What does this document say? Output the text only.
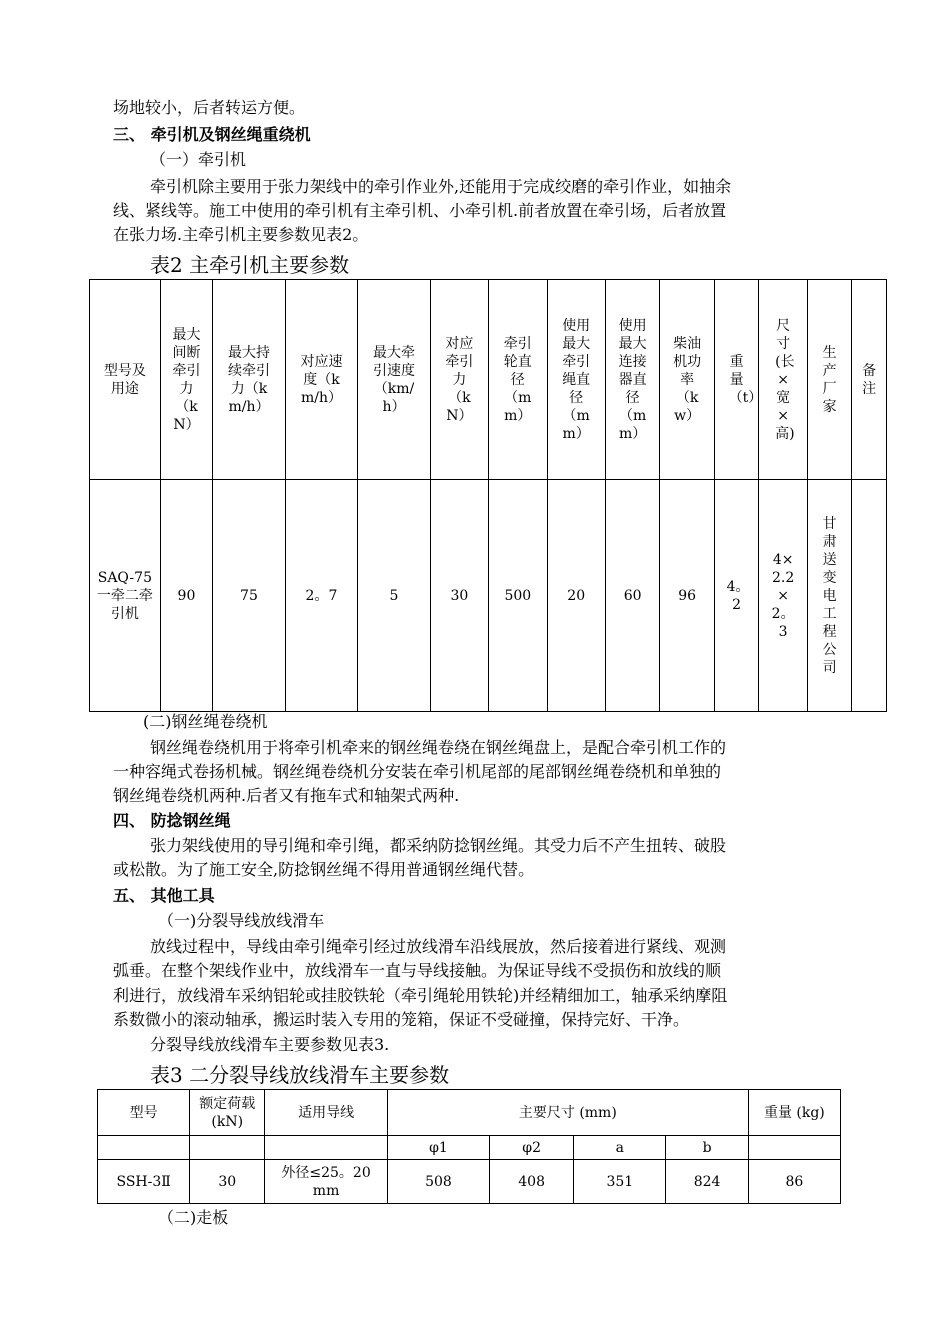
场地较小，后者转运方便。
三、 牵引机及钢丝绳重绕机
（一）牵引机
牵引机除主要用于张力架线中的牵引作业外,还能用于完成绞磨的牵引作业，如抽余
线、紧线等。施工中使用的牵引机有主牵引机、小牵引机.前者放置在牵引场，后者放置
在张力场.主牵引机主要参数见表2。
表2 主牵引机主要参数
型号及用途	最大间断牵引力（kN）	最大持续牵引力（km/h）	对应速度（km/h）	最大牵引速度（km/h）	对应牵引力（kN）	牵引轮直径（mm）	使用最大牵引绳直径（mm）	使用最大连接器直径（mm）	柴油机功率（kw）	重量（t）	尺寸(长×宽×高)	生产厂家	备注

SAQ-75一牵二牵引机	90	75	2。7	5	30	500	20	60	96	4。2	4×2.2×2。3	甘肃送变电工程公司	

(二)钢丝绳卷绕机
钢丝绳卷绕机用于将牵引机牵来的钢丝绳卷绕在钢丝绳盘上，是配合牵引机工作的
一种容绳式卷扬机械。钢丝绳卷绕机分安装在牵引机尾部的尾部钢丝绳卷绕机和单独的
钢丝绳卷绕机两种.后者又有拖车式和轴架式两种.
四、 防捻钢丝绳
张力架线使用的导引绳和牵引绳，都采纳防捻钢丝绳。其受力后不产生扭转、破股
或松散。为了施工安全,防捻钢丝绳不得用普通钢丝绳代替。
五、 其他工具
（一)分裂导线放线滑车
放线过程中，导线由牵引绳牵引经过放线滑车沿线展放，然后接着进行紧线、观测
弧垂。在整个架线作业中，放线滑车一直与导线接触。为保证导线不受损伤和放线的顺
利进行，放线滑车采纳铝轮或挂胶铁轮（牵引绳轮用铁轮)并经精细加工，轴承采纳摩阻
系数微小的滚动轴承，搬运时装入专用的笼箱，保证不受碰撞，保持完好、干净。
分裂导线放线滑车主要参数见表3.
表3 二分裂导线放线滑车主要参数
型号	额定荷载(kN)	适用导线	主要尺寸 (mm)				重量 (kg)
			φ1	φ2	a	b	
SSH-3Ⅱ	30	外径≤25。20mm	508	408	351	824	86
（二)走板
